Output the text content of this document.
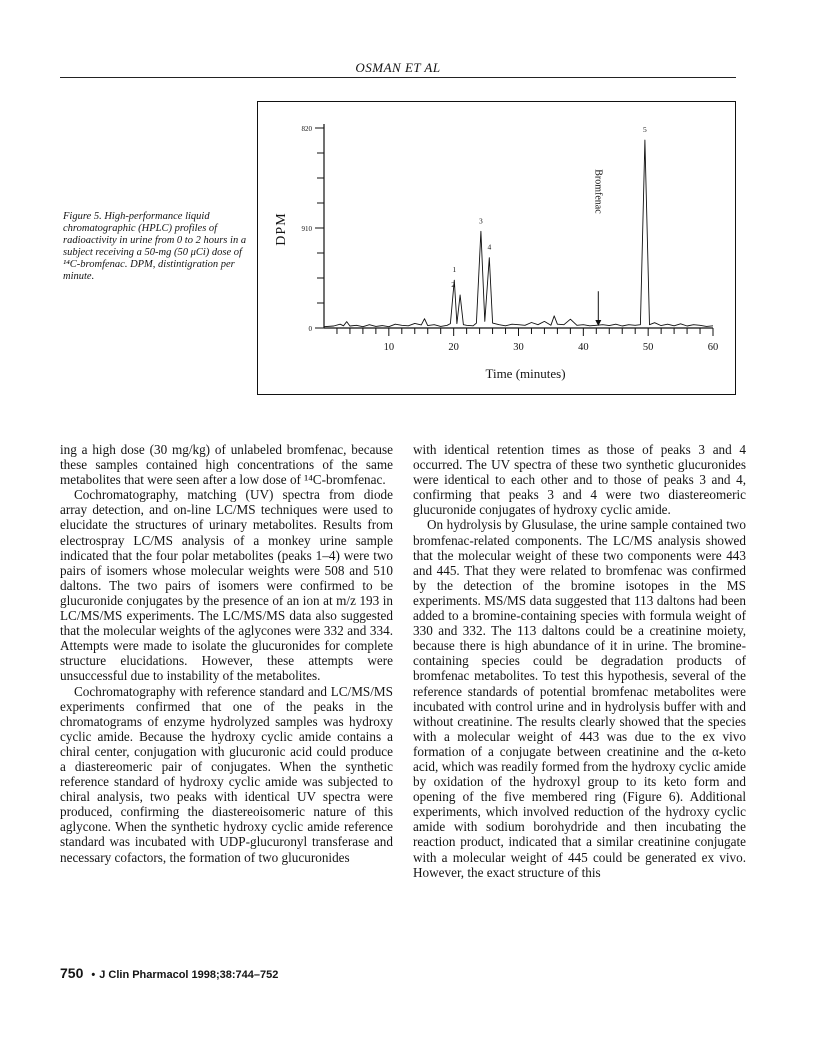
OSMAN ET AL
Figure 5. High-performance liquid chromatographic (HPLC) profiles of radioactivity in urine from 0 to 2 hours in a subject receiving a 50-mg (50 μCi) dose of ¹⁴C-bromfenac. DPM, distintigration per minute.
0
910
820
10	20	30	40	50	60
Time (minutes)
1
2
3
4
5
Bromfenac
DPM

ing a high dose (30 mg/kg) of unlabeled bromfenac, because these samples contained high concentrations of the same metabolites that were seen after a low dose of ¹⁴C-bromfenac.

Cochromatography, matching (UV) spectra from diode array detection, and on-line LC/MS techniques were used to elucidate the structures of urinary metabolites. Results from electrospray LC/MS analysis of a monkey urine sample indicated that the four polar metabolites (peaks 1–4) were two pairs of isomers whose molecular weights were 508 and 510 daltons. The two pairs of isomers were confirmed to be glucuronide conjugates by the presence of an ion at m/z 193 in LC/MS/MS experiments. The LC/MS/MS data also suggested that the molecular weights of the aglycones were 332 and 334. Attempts were made to isolate the glucuronides for complete structure elucidations. However, these attempts were unsuccessful due to instability of the metabolites.

Cochromatography with reference standard and LC/MS/MS experiments confirmed that one of the peaks in the chromatograms of enzyme hydrolyzed samples was hydroxy cyclic amide. Because the hydroxy cyclic amide contains a chiral center, conjugation with glucuronic acid could produce a diastereomeric pair of conjugates. When the synthetic reference standard of hydroxy cyclic amide was subjected to chiral analysis, two peaks with identical UV spectra were produced, confirming the diastereoisomeric nature of this aglycone. When the synthetic hydroxy cyclic amide reference standard was incubated with UDP-glucuronyl transferase and necessary cofactors, the formation of two glucuronides

with identical retention times as those of peaks 3 and 4 occurred. The UV spectra of these two synthetic glucuronides were identical to each other and to those of peaks 3 and 4, confirming that peaks 3 and 4 were two diastereomeric glucuronide conjugates of hydroxy cyclic amide.

On hydrolysis by Glusulase, the urine sample contained two bromfenac-related components. The LC/MS analysis showed that the molecular weight of these two components were 443 and 445. That they were related to bromfenac was confirmed by the detection of the bromine isotopes in the MS experiments. MS/MS data suggested that 113 daltons had been added to a bromine-containing species with formula weight of 330 and 332. The 113 daltons could be a creatinine moiety, because there is high abundance of it in urine. The bromine-containing species could be degradation products of bromfenac metabolites. To test this hypothesis, several of the reference standards of potential bromfenac metabolites were incubated with control urine and in hydrolysis buffer with and without creatinine. The results clearly showed that the species with a molecular weight of 443 was due to the ex vivo formation of a conjugate between creatinine and the α-keto acid, which was readily formed from the hydroxy cyclic amide by oxidation of the hydroxyl group to its keto form and opening of the five membered ring (Figure 6). Additional experiments, which involved reduction of the hydroxy cyclic amide with sodium borohydride and then incubating the reaction product, indicated that a similar creatinine conjugate with a molecular weight of 445 could be generated ex vivo. However, the exact structure of this

750 • J Clin Pharmacol 1998;38:744–752
